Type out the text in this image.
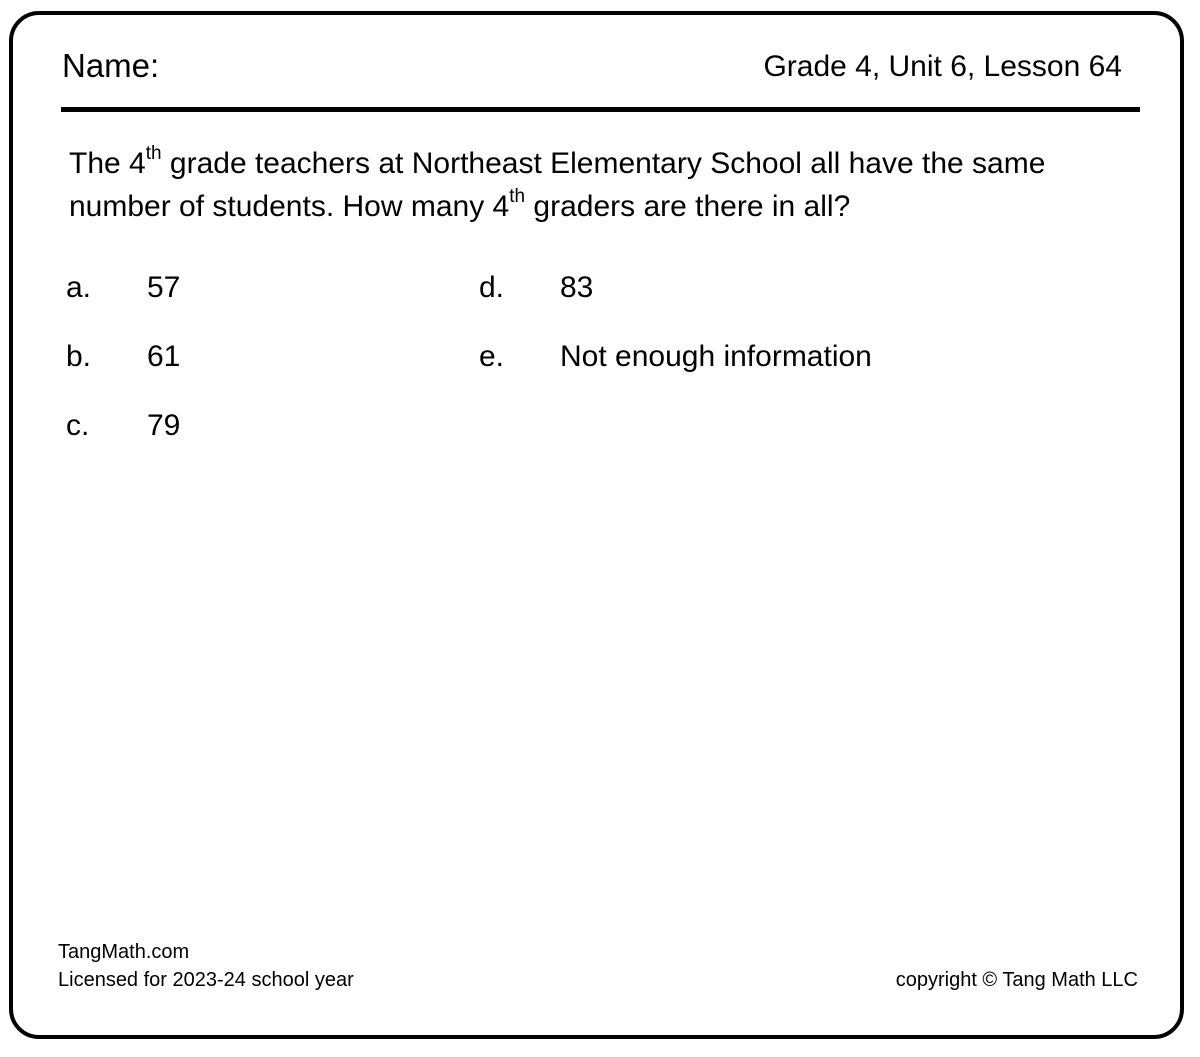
Name:	Grade 4, Unit 6, Lesson 64
The 4th grade teachers at Northeast Elementary School all have the same number of students. How many 4th graders are there in all?
a. 57
b. 61
c. 79
d. 83
e. Not enough information
TangMath.com
Licensed for 2023-24 school year	copyright © Tang Math LLC
